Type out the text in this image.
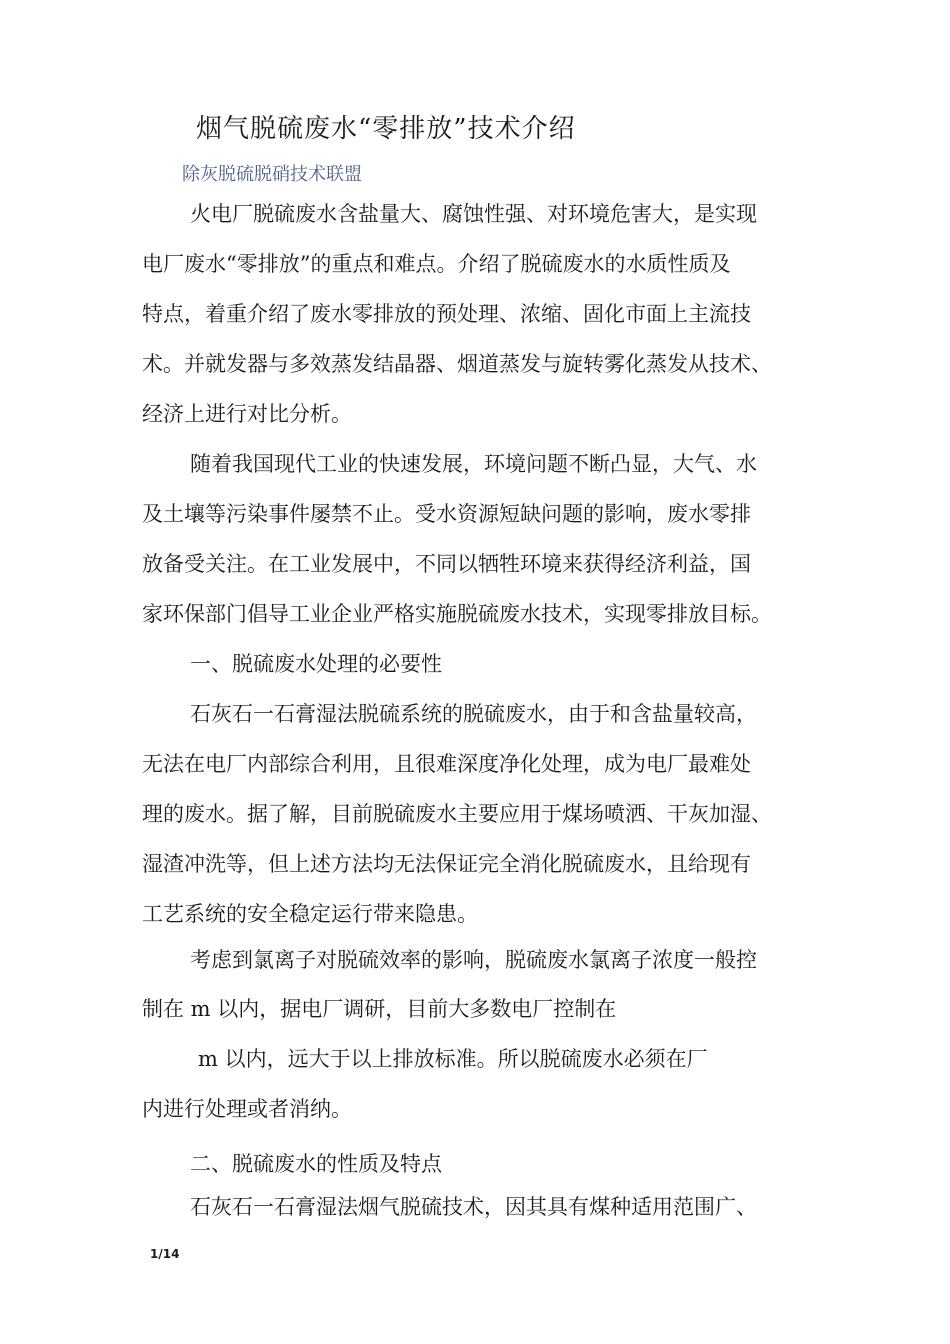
烟气脱硫废水“零排放”技术介绍
除灰脱硫脱硝技术联盟
火电厂脱硫废水含盐量大、腐蚀性强、对环境危害大，是实现
电厂废水“零排放”的重点和难点。介绍了脱硫废水的水质性质及
特点，着重介绍了废水零排放的预处理、浓缩、固化市面上主流技
术。并就发器与多效蒸发结晶器、烟道蒸发与旋转雾化蒸发从技术、
经济上进行对比分析。
随着我国现代工业的快速发展，环境问题不断凸显，大气、水
及土壤等污染事件屡禁不止。受水资源短缺问题的影响，废水零排
放备受关注。在工业发展中，不同以牺牲环境来获得经济利益，国
家环保部门倡导工业企业严格实施脱硫废水技术，实现零排放目标。
一、脱硫废水处理的必要性
石灰石一石膏湿法脱硫系统的脱硫废水，由于和含盐量较高，
无法在电厂内部综合利用，且很难深度净化处理，成为电厂最难处
理的废水。据了解，目前脱硫废水主要应用于煤场喷洒、干灰加湿、
湿渣冲洗等，但上述方法均无法保证完全消化脱硫废水，且给现有
工艺系统的安全稳定运行带来隐患。
考虑到氯离子对脱硫效率的影响，脱硫废水氯离子浓度一般控
制在 m 以内，据电厂调研，目前大多数电厂控制在
m 以内，远大于以上排放标准。所以脱硫废水必须在厂
内进行处理或者消纳。
二、脱硫废水的性质及特点
石灰石一石膏湿法烟气脱硫技术，因其具有煤种适用范围广、
1/14
